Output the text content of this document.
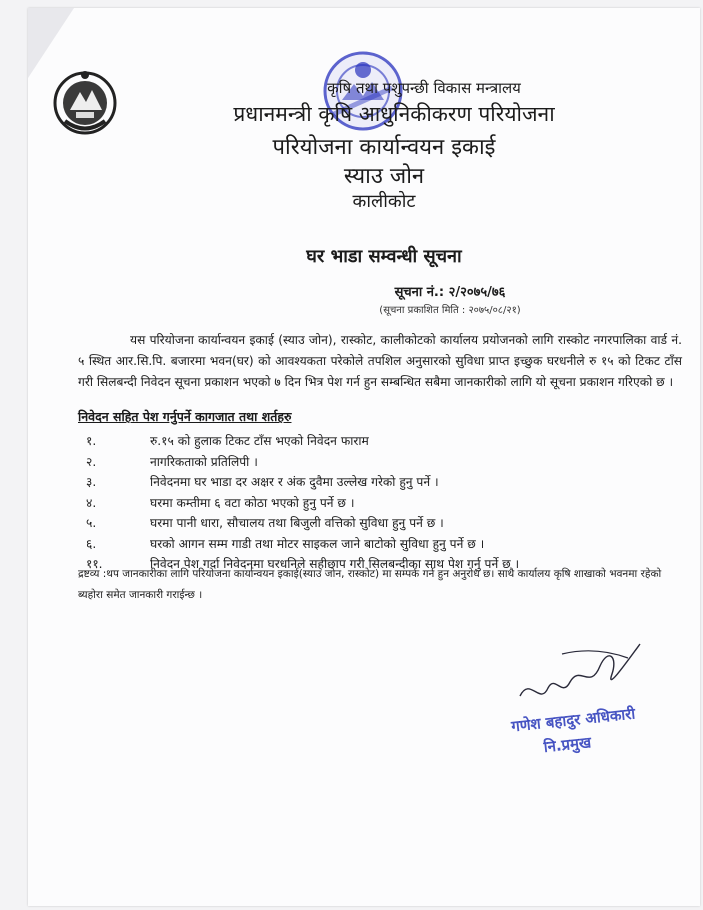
कृषि तथा पशुपन्छी विकास मन्त्रालय
प्रधानमन्त्री कृषि आधुनिकीकरण परियोजना
परियोजना कार्यान्वयन इकाई
स्याउ जोन
कालीकोट
घर भाडा सम्वन्धी सूचना
सूचना नं.: २/२०७५/७६
(सूचना प्रकाशित मिति : २०७५/०८/२१)
यस परियोजना कार्यान्वयन इकाई (स्याउ जोन), रास्कोट, कालीकोटको कार्यालय प्रयोजनको लागि रास्कोट नगरपालिका वार्ड नं. ५ स्थित आर.सि.पि. बजारमा भवन(घर) को आवश्यकता परेकोले तपशिल अनुसारको सुविधा प्राप्त इच्छुक घरधनीले रु १५ को टिकट टाँस गरी सिलबन्दी निवेदन सूचना प्रकाशन भएको ७ दिन भित्र पेश गर्न हुन सम्बन्धित सबैमा जानकारीको लागि यो सूचना प्रकाशन गरिएको छ ।
निवेदन सहित पेश गर्नुपर्ने कागजात तथा शर्तहरु
१.	रु.१५ को हुलाक टिकट टाँस भएको निवेदन फाराम
२.	नागरिकताको प्रतिलिपी ।
३.	निवेदनमा घर भाडा दर अक्षर र अंक दुवैमा उल्लेख गरेको हुनु पर्ने ।
४.	घरमा कम्तीमा ६ वटा कोठा भएको हुनु पर्ने छ ।
५.	घरमा पानी धारा, सौचालय तथा बिजुली वत्तिको सुविधा हुनु पर्ने छ ।
६.	घरको आगन सम्म गाडी तथा मोटर साइकल जाने बाटोको सुविधा हुनु पर्ने छ ।
११.	निवेदन पेश गर्दा निवेदनमा घरधनिले सहीछाप गरी सिलबन्दीका साथ पेश गर्नु पर्ने छ ।
द्रष्टव्य :थप जानकारीका लागि परियोजना कार्यान्वयन इकाई(स्याउ जोन, रास्कोट) मा सम्पर्क गर्न हुन अनुरोध छ। साथै कार्यालय कृषि शाखाको भवनमा रहेको ब्यहोरा समेत जानकारी गराईन्छ ।
गणेश बहादुर अधिकारी
नि.प्रमुख
